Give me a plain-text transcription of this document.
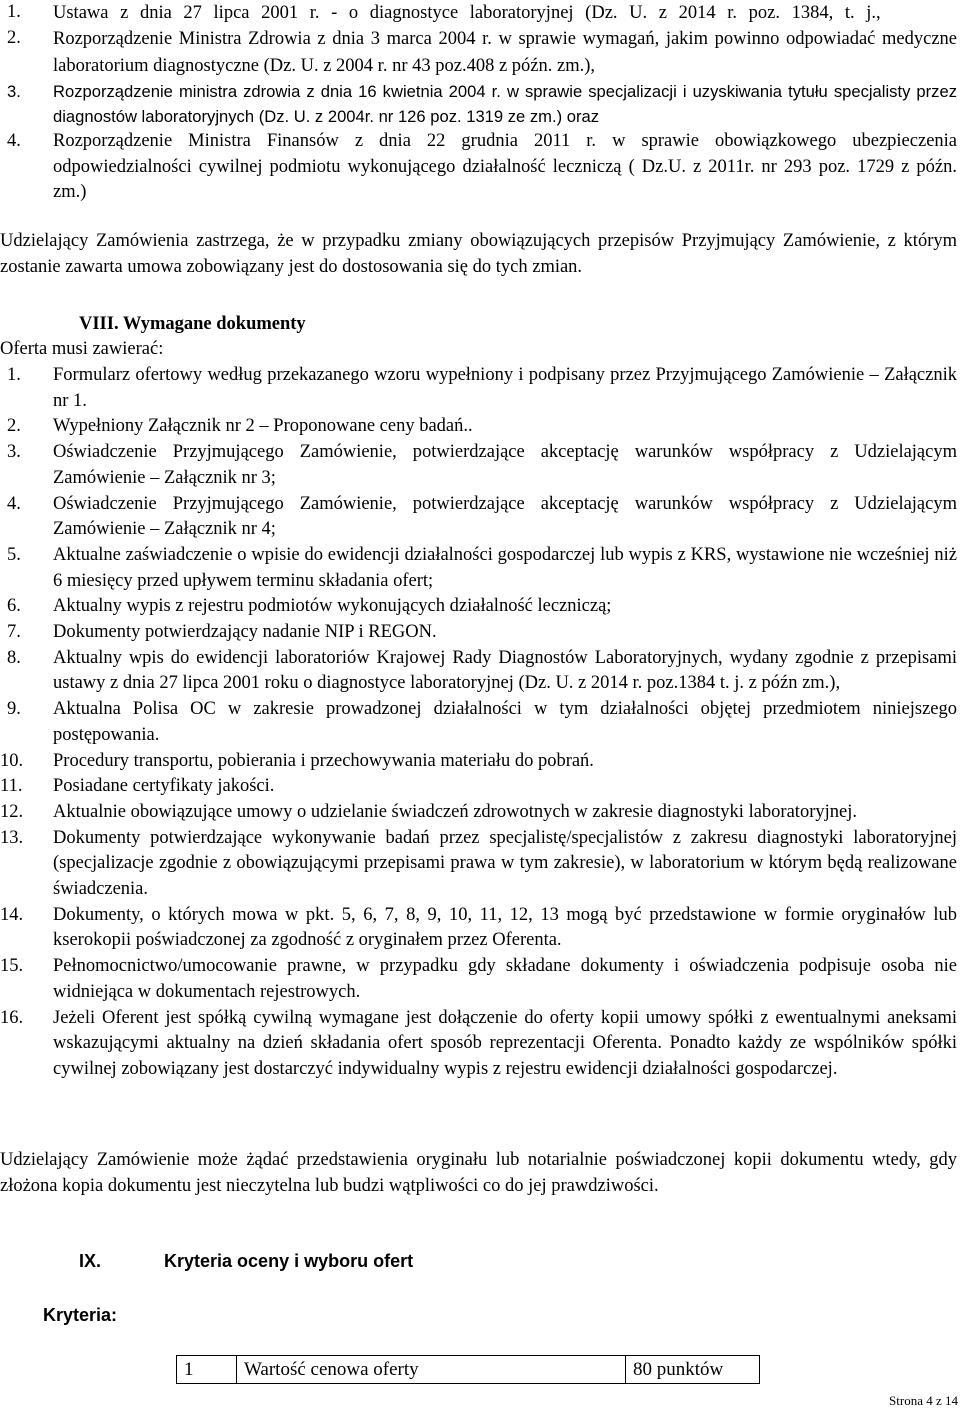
1. Ustawa z dnia 27 lipca 2001 r. - o diagnostyce laboratoryjnej (Dz. U. z 2014 r. poz. 1384, t. j.,
2. Rozporządzenie Ministra Zdrowia z dnia 3 marca 2004 r. w sprawie wymagań, jakim powinno odpowiadać medyczne laboratorium diagnostyczne (Dz. U. z 2004 r. nr 43 poz.408 z późn. zm.),
3. Rozporządzenie ministra zdrowia z dnia 16 kwietnia 2004 r. w sprawie specjalizacji i uzyskiwania tytułu specjalisty przez diagnostów laboratoryjnych (Dz. U. z 2004r. nr 126 poz. 1319 ze zm.) oraz
4. Rozporządzenie Ministra Finansów z dnia 22 grudnia 2011 r. w sprawie obowiązkowego ubezpieczenia odpowiedzialności cywilnej podmiotu wykonującego działalność leczniczą ( Dz.U. z 2011r. nr 293 poz. 1729 z późn. zm.)
Udzielający Zamówienia zastrzega, że w przypadku zmiany obowiązujących przepisów Przyjmujący Zamówienie, z którym zostanie zawarta umowa zobowiązany jest do dostosowania się do tych zmian.
VIII. Wymagane dokumenty
Oferta musi zawierać:
1. Formularz ofertowy według przekazanego wzoru wypełniony i podpisany przez Przyjmującego Zamówienie – Załącznik nr 1.
2. Wypełniony Załącznik nr 2 – Proponowane ceny badań..
3. Oświadczenie Przyjmującego Zamówienie, potwierdzające akceptację warunków współpracy z Udzielającym Zamówienie – Załącznik nr 3;
4. Oświadczenie Przyjmującego Zamówienie, potwierdzające akceptację warunków współpracy z Udzielającym Zamówienie – Załącznik nr 4;
5. Aktualne zaświadczenie o wpisie do ewidencji działalności gospodarczej lub wypis z KRS, wystawione nie wcześniej niż 6 miesięcy przed upływem terminu składania ofert;
6. Aktualny wypis z rejestru podmiotów wykonujących działalność leczniczą;
7. Dokumenty potwierdzający nadanie NIP i REGON.
8. Aktualny wpis do ewidencji laboratoriów Krajowej Rady Diagnostów Laboratoryjnych, wydany zgodnie z przepisami ustawy z dnia 27 lipca 2001 roku o diagnostyce laboratoryjnej (Dz. U. z 2014 r. poz.1384 t. j. z późn zm.),
9. Aktualna Polisa OC w zakresie prowadzonej działalności w tym działalności objętej przedmiotem niniejszego postępowania.
10. Procedury transportu, pobierania i przechowywania materiału do pobrań.
11. Posiadane certyfikaty jakości.
12. Aktualnie obowiązujące umowy o udzielanie świadczeń zdrowotnych w zakresie diagnostyki laboratoryjnej.
13. Dokumenty potwierdzające wykonywanie badań przez specjalistę/specjalistów z zakresu diagnostyki laboratoryjnej (specjalizacje zgodnie z obowiązującymi przepisami prawa w tym zakresie), w laboratorium w którym będą realizowane świadczenia.
14. Dokumenty, o których mowa w pkt. 5, 6, 7, 8, 9, 10, 11, 12, 13 mogą być przedstawione w formie oryginałów lub kserokopii poświadczonej za zgodność z oryginałem przez Oferenta.
15. Pełnomocnictwo/umocowanie prawne, w przypadku gdy składane dokumenty i oświadczenia podpisuje osoba nie widniejąca w dokumentach rejestrowych.
16. Jeżeli Oferent jest spółką cywilną wymagane jest dołączenie do oferty kopii umowy spółki z ewentualnymi aneksami wskazującymi aktualny na dzień składania ofert sposób reprezentacji Oferenta. Ponadto każdy ze wspólników spółki cywilnej zobowiązany jest dostarczyć indywidualny wypis z rejestru ewidencji działalności gospodarczej.
Udzielający Zamówienie może żądać przedstawienia oryginału lub notarialnie poświadczonej kopii dokumentu wtedy, gdy złożona kopia dokumentu jest nieczytelna lub budzi wątpliwości co do jej prawdziwości.
IX.	Kryteria oceny i wyboru ofert
Kryteria:
1	Wartość cenowa oferty	80 punktów
Strona 4 z 14
